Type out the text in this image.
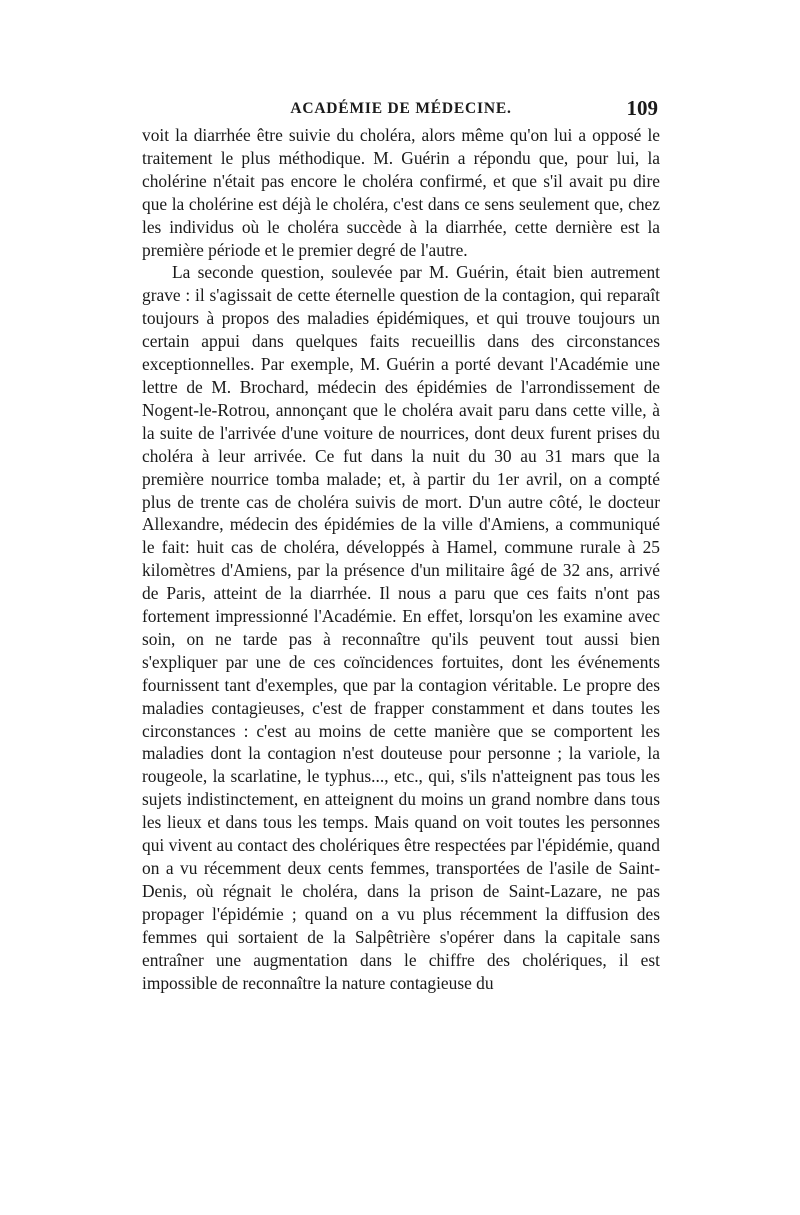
ACADÉMIE DE MÉDECINE.	109

voit la diarrhée être suivie du choléra, alors même qu'on lui a opposé le traitement le plus méthodique. M. Guérin a répondu que, pour lui, la cholérine n'était pas encore le choléra confirmé, et que s'il avait pu dire que la cholérine est déjà le choléra, c'est dans ce sens seulement que, chez les individus où le choléra succède à la diarrhée, cette dernière est la première période et le premier degré de l'autre.

La seconde question, soulevée par M. Guérin, était bien autrement grave : il s'agissait de cette éternelle question de la contagion, qui reparaît toujours à propos des maladies épidémiques, et qui trouve toujours un certain appui dans quelques faits recueillis dans des circonstances exceptionnelles. Par exemple, M. Guérin a porté devant l'Académie une lettre de M. Brochard, médecin des épidémies de l'arrondissement de Nogent-le-Rotrou, annonçant que le choléra avait paru dans cette ville, à la suite de l'arrivée d'une voiture de nourrices, dont deux furent prises du choléra à leur arrivée. Ce fut dans la nuit du 30 au 31 mars que la première nourrice tomba malade; et, à partir du 1er avril, on a compté plus de trente cas de choléra suivis de mort. D'un autre côté, le docteur Allexandre, médecin des épidémies de la ville d'Amiens, a communiqué le fait: huit cas de choléra, développés à Hamel, commune rurale à 25 kilomètres d'Amiens, par la présence d'un militaire âgé de 32 ans, arrivé de Paris, atteint de la diarrhée. Il nous a paru que ces faits n'ont pas fortement impressionné l'Académie. En effet, lorsqu'on les examine avec soin, on ne tarde pas à reconnaître qu'ils peuvent tout aussi bien s'expliquer par une de ces coïncidences fortuites, dont les événements fournissent tant d'exemples, que par la contagion véritable. Le propre des maladies contagieuses, c'est de frapper constamment et dans toutes les circonstances : c'est au moins de cette manière que se comportent les maladies dont la contagion n'est douteuse pour personne ; la variole, la rougeole, la scarlatine, le typhus..., etc., qui, s'ils n'atteignent pas tous les sujets indistinctement, en atteignent du moins un grand nombre dans tous les lieux et dans tous les temps. Mais quand on voit toutes les personnes qui vivent au contact des cholériques être respectées par l'épidémie, quand on a vu récemment deux cents femmes, transportées de l'asile de Saint-Denis, où régnait le choléra, dans la prison de Saint-Lazare, ne pas propager l'épidémie ; quand on a vu plus récemment la diffusion des femmes qui sortaient de la Salpêtrière s'opérer dans la capitale sans entraîner une augmentation dans le chiffre des cholériques, il est impossible de reconnaître la nature contagieuse du
